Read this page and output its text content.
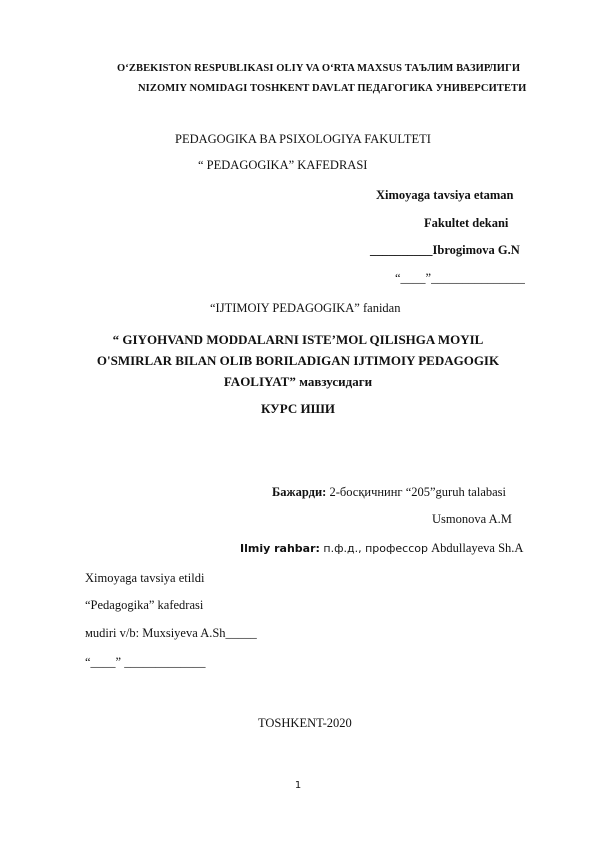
O‘ZBEKISTON RESPUBLIKASI OLIY VA O‘RTA MAXSUS ТАЪЛИМ ВАЗИРЛИГИ
NIZOMIY NOMIDAGI TOSHKENT DAVLAT ПЕДАГОГИКА УНИВЕРСИТЕТИ
PEDAGOGIKA BA PSIXOLOGIYA FAKULTETI
“ PEDAGOGIKA” KAFEDRASI
Ximoyaga tavsiya etaman
Fakultet dekani
__________Ibrogimova G.N
“____”_______________
“IJTIMOIY PEDAGOGIKA” fanidan
“ GIYOHVAND MODDALARNI ISTE’MOL QILISHGA MOYIL
O'SMIRLAR BILAN OLIB BORILADIGAN IJTIMOIY PEDAGOGIK
FAOLIYAT” мавзусидаги
КУРС ИШИ
Бажарди: 2-босқичнинг “205”guruh talabasi
Usmonova A.M
Ilmiy rahbar: п.ф.д., профессор Abdullayeva Sh.A
Ximoyaga tavsiya etildi
“Pedagogika” kafedrasi
мudiri v/b: Muxsiyeva A.Sh_____
“____” _____________
TOSHKENT-2020
1
